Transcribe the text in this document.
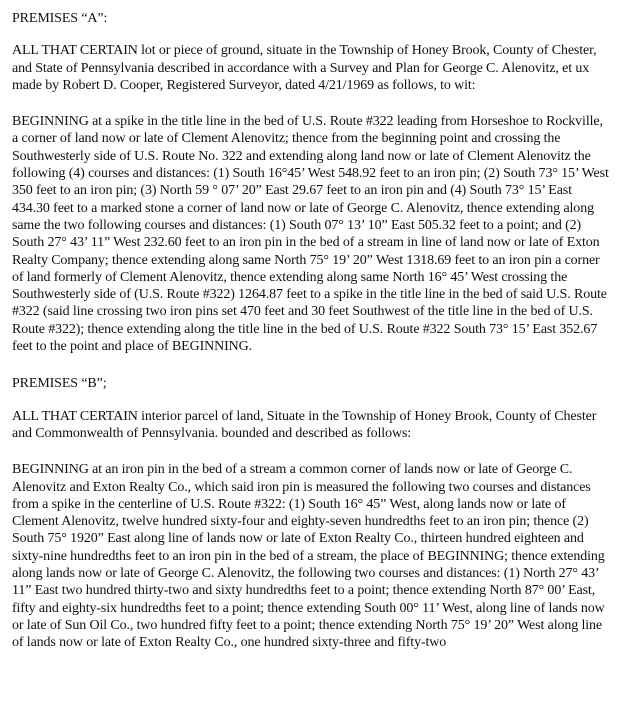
PREMISES “A”:

ALL THAT CERTAIN lot or piece of ground, situate in the Township of Honey Brook, County of Chester, and State of Pennsylvania described in accordance with a Survey and Plan for George C. Alenovitz, et ux made by Robert D. Cooper, Registered Surveyor, dated 4/21/1969 as follows, to wit:

BEGINNING at a spike in the title line in the bed of U.S. Route #322 leading from Horseshoe to Rockville, a corner of land now or late of Clement Alenovitz; thence from the beginning point and crossing the Southwesterly side of U.S. Route No. 322 and extending along land now or late of Clement Alenovitz the following (4) courses and distances: (1) South 16°45’ West 548.92 feet to an iron pin; (2) South 73° 15’ West 350 feet to an iron pin; (3) North 59 ° 07’ 20” East 29.67 feet to an iron pin and (4) South 73° 15’ East 434.30 feet to a marked stone a corner of land now or late of George C. Alenovitz, thence extending along same the two following courses and distances: (1) South 07° 13’ 10” East 505.32 feet to a point; and (2) South 27° 43’ 11” West 232.60 feet to an iron pin in the bed of a stream in line of land now or late of Exton Realty Company; thence extending along same North 75° 19’ 20” West 1318.69 feet to an iron pin a corner of land formerly of Clement Alenovitz, thence extending along same North 16° 45’ West crossing the Southwesterly side of (U.S. Route #322) 1264.87 feet to a spike in the title line in the bed of said U.S. Route #322 (said line crossing two iron pins set 470 feet and 30 feet Southwest of the title line in the bed of U.S. Route #322); thence extending along the title line in the bed of U.S. Route #322 South 73° 15’ East 352.67 feet to the point and place of BEGINNING.

PREMISES “B”;

ALL THAT CERTAIN interior parcel of land, Situate in the Township of Honey Brook, County of Chester and Commonwealth of Pennsylvania. bounded and described as follows:

BEGINNING at an iron pin in the bed of a stream a common corner of lands now or late of George C. Alenovitz and Exton Realty Co., which said iron pin is measured the following two courses and distances from a spike in the centerline of U.S. Route #322: (1) South 16° 45” West, along lands now or late of Clement Alenovitz, twelve hundred sixty-four and eighty-seven hundredths feet to an iron pin; thence (2) South 75° 1920” East along line of lands now or late of Exton Realty Co., thirteen hundred eighteen and sixty-nine hundredths feet to an iron pin in the bed of a stream, the place of BEGINNING; thence extending along lands now or late of George C. Alenovitz, the following two courses and distances: (1) North 27° 43’ 11” East two hundred thirty-two and sixty hundredths feet to a point; thence extending North 87° 00’ East, fifty and eighty-six hundredths feet to a point; thence extending South 00° 11’ West, along line of lands now or late of Sun Oil Co., two hundred fifty feet to a point; thence extending North 75° 19’ 20” West along line of lands now or late of Exton Realty Co., one hundred sixty-three and fifty-two
